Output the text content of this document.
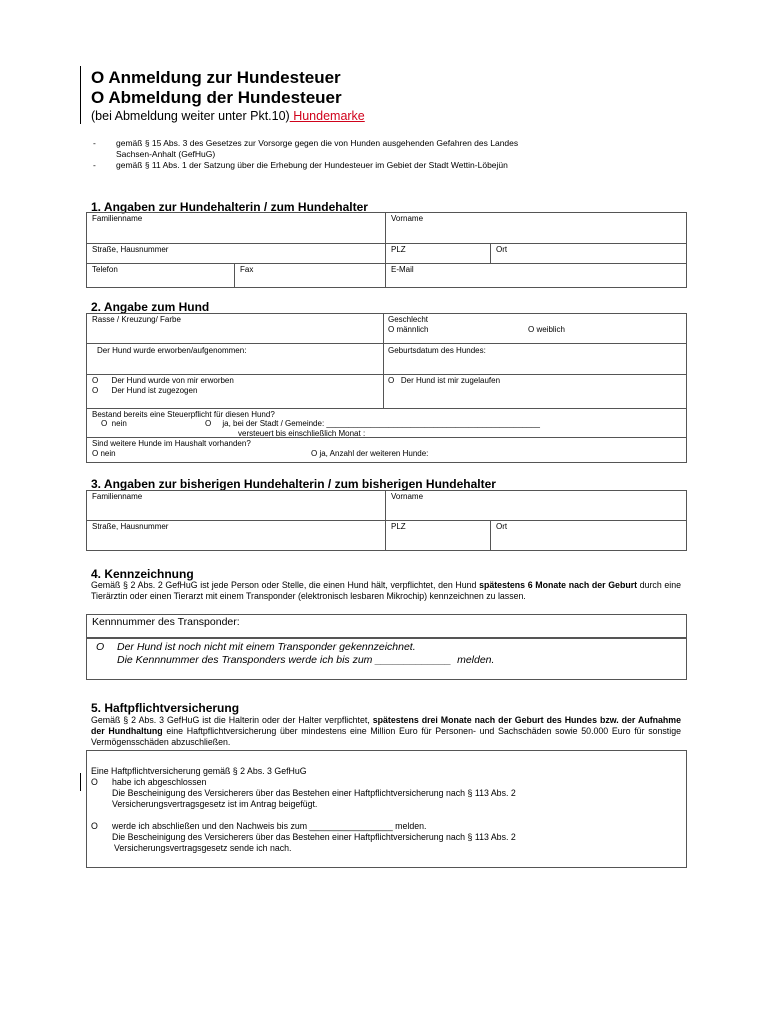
O Anmeldung zur Hundesteuer
O Abmeldung der Hundesteuer
(bei Abmeldung weiter unter Pkt.10) Hundemarke
- gemäß § 15 Abs. 3 des Gesetzes zur Vorsorge gegen die von Hunden ausgehenden Gefahren des Landes
Sachsen-Anhalt (GefHuG)
- gemäß § 11 Abs. 1 der Satzung über die Erhebung der Hundesteuer im Gebiet der Stadt Wettin-Löbejün
1. Angaben zur Hundehalterin / zum Hundehalter
Familienname	Vorname
Straße, Hausnummer	PLZ	Ort
Telefon	Fax	E-Mail
2. Angabe zum Hund
Rasse / Kreuzung/ Farbe	Geschlecht
O männlich	O weiblich
Der Hund wurde erworben/aufgenommen:	Geburtsdatum des Hundes:
O      Der Hund wurde von mir erworben
O      Der Hund ist zugezogen
O   Der Hund ist mir zugelaufen
Bestand bereits eine Steuerpflicht für diesen Hund?
O  nein	O     ja, bei der Stadt / Gemeinde: ________________________________________________
versteuert bis einschließlich Monat :
Sind weitere Hunde im Haushalt vorhanden?
O nein	O ja, Anzahl der weiteren Hunde:
3. Angaben zur bisherigen Hundehalterin / zum bisherigen Hundehalter
Familienname	Vorname
Straße, Hausnummer	PLZ	Ort
4. Kennzeichnung
Gemäß § 2 Abs. 2 GefHuG ist jede Person oder Stelle, die einen Hund hält, verpflichtet, den Hund spätestens 6 Monate nach der Geburt durch eine Tierärztin oder einen Tierarzt mit einem Transponder (elektronisch lesbaren Mikrochip) kennzeichnen zu lassen.
Kennnummer des Transponder:
O Der Hund ist noch nicht mit einem Transponder gekennzeichnet.
Die Kennnummer des Transponders werde ich bis zum _____________  melden.
5. Haftpflichtversicherung
Gemäß § 2 Abs. 3 GefHuG ist die Halterin oder der Halter verpflichtet, spätestens drei Monate nach der Geburt des Hundes bzw. der Aufnahme der Hundhaltung eine Haftpflichtversicherung über mindestens eine Million Euro für Personen- und Sachschäden sowie 50.000 Euro für sonstige Vermögensschäden abzuschließen.
Eine Haftpflichtversicherung gemäß § 2 Abs. 3 GefHuG
O habe ich abgeschlossen
Die Bescheinigung des Versicherers über das Bestehen einer Haftpflichtversicherung nach § 113 Abs. 2
Versicherungsvertragsgesetz ist im Antrag beigefügt.
O werde ich abschließen und den Nachweis bis zum _________________ melden.
Die Bescheinigung des Versicherers über das Bestehen einer Haftpflichtversicherung nach § 113 Abs. 2
Versicherungsvertragsgesetz sende ich nach.
